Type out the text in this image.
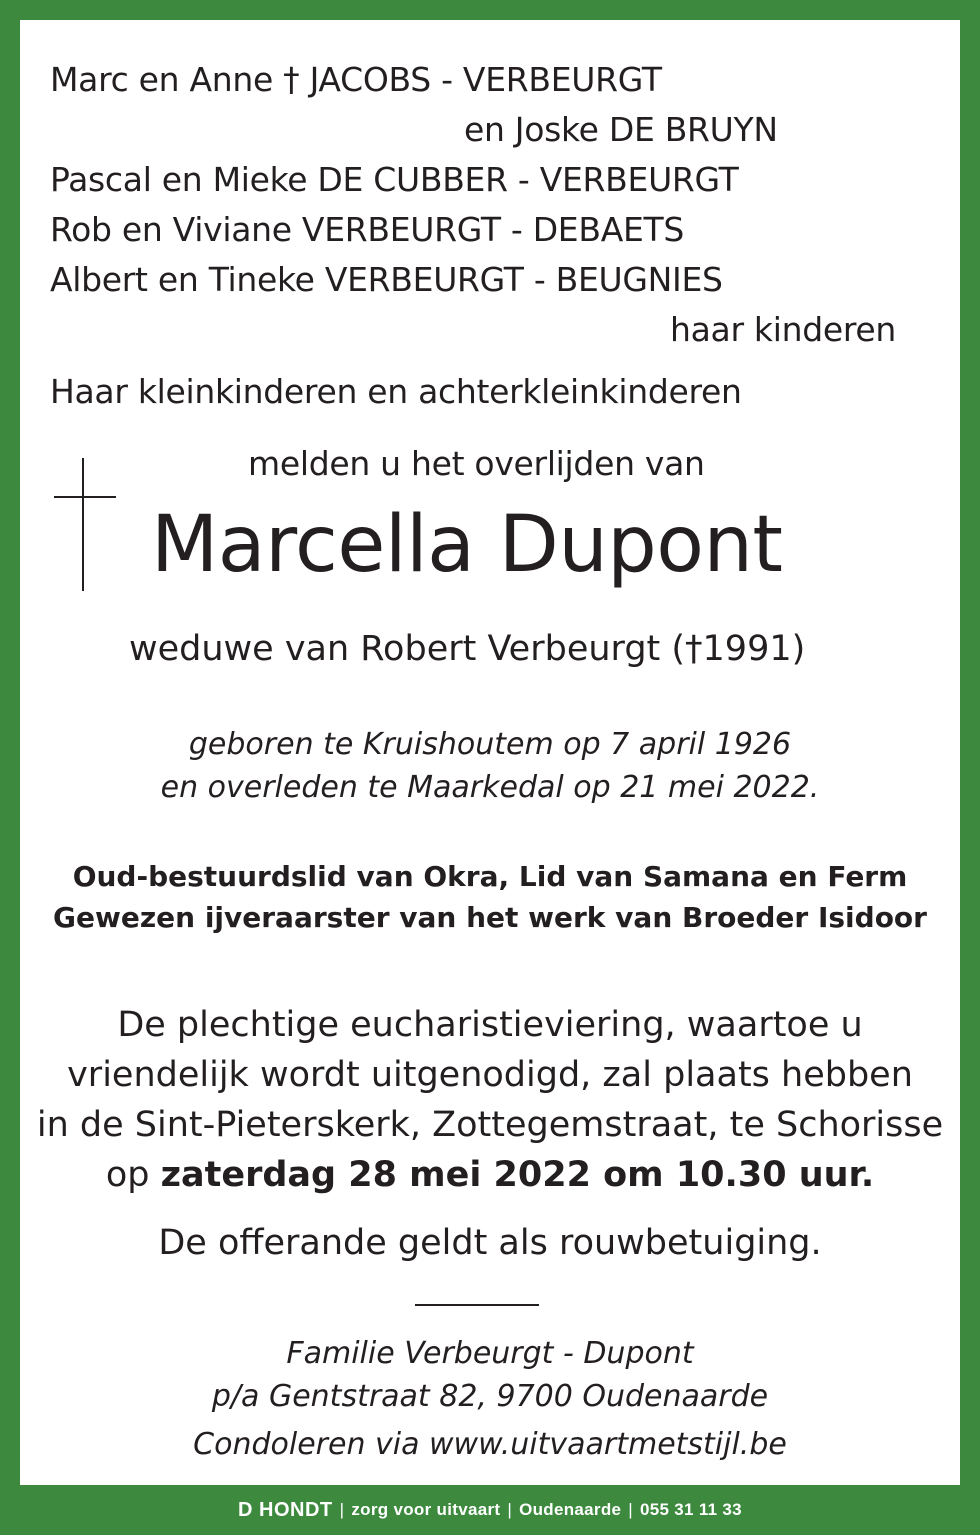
Marc en Anne † JACOBS - VERBEURGT
en Joske DE BRUYN
Pascal en Mieke DE CUBBER - VERBEURGT
Rob en Viviane VERBEURGT - DEBAETS
Albert en Tineke VERBEURGT - BEUGNIES
haar kinderen
Haar kleinkinderen en achterkleinkinderen
melden u het overlijden van
Marcella Dupont
weduwe van Robert Verbeurgt (†1991)
geboren te Kruishoutem op 7 april 1926
en overleden te Maarkedal op 21 mei 2022.
Oud-bestuurdslid van Okra, Lid van Samana en Ferm
Gewezen ijveraarster van het werk van Broeder Isidoor
De plechtige eucharistieviering, waartoe u
vriendelijk wordt uitgenodigd, zal plaats hebben
in de Sint-Pieterskerk, Zottegemstraat, te Schorisse
op zaterdag 28 mei 2022 om 10.30 uur.
De offerande geldt als rouwbetuiging.
Familie Verbeurgt - Dupont
p/a Gentstraat 82, 9700 Oudenaarde
Condoleren via www.uitvaartmetstijl.be
D HONDT | zorg voor uitvaart | Oudenaarde | 055 31 11 33
